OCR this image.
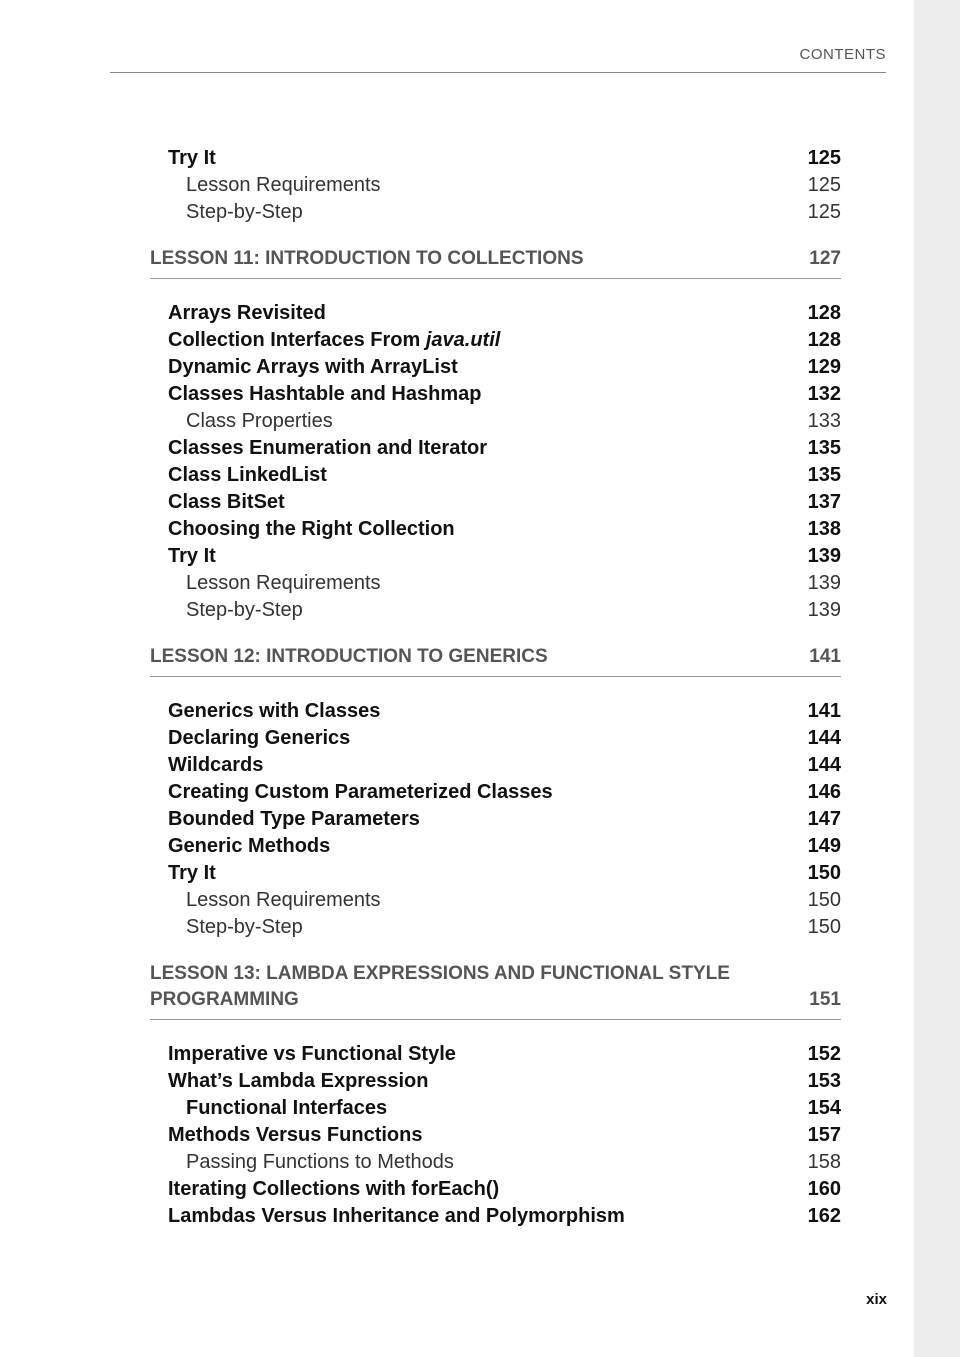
CONTENTS
Try It	125
Lesson Requirements	125
Step-by-Step	125
LESSON 11: INTRODUCTION TO COLLECTIONS	127
Arrays Revisited	128
Collection Interfaces From java.util	128
Dynamic Arrays with ArrayList	129
Classes Hashtable and Hashmap	132
Class Properties	133
Classes Enumeration and Iterator	135
Class LinkedList	135
Class BitSet	137
Choosing the Right Collection	138
Try It	139
Lesson Requirements	139
Step-by-Step	139
LESSON 12: INTRODUCTION TO GENERICS	141
Generics with Classes	141
Declaring Generics	144
Wildcards	144
Creating Custom Parameterized Classes	146
Bounded Type Parameters	147
Generic Methods	149
Try It	150
Lesson Requirements	150
Step-by-Step	150
LESSON 13: LAMBDA EXPRESSIONS AND FUNCTIONAL STYLE
PROGRAMMING	151
Imperative vs Functional Style	152
What’s Lambda Expression	153
Functional Interfaces	154
Methods Versus Functions	157
Passing Functions to Methods	158
Iterating Collections with forEach()	160
Lambdas Versus Inheritance and Polymorphism	162
xix
